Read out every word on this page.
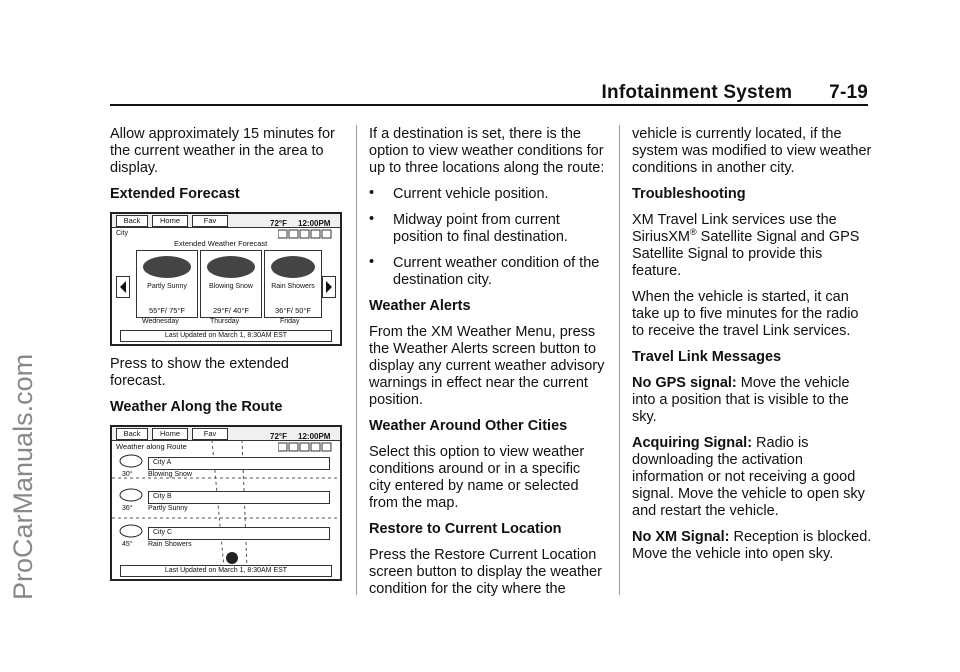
ProCarManuals.com
Infotainment System 7-19

Allow approximately 15 minutes for the current weather in the area to display.

Extended Forecast

Back	Home	Fav	72°F 12:00PM
City
Extended Weather Forecast
Partly Sunny
55°F/ 75°F
Blowing Snow
29°F/ 40°F
Rain Showers
36°F/ 50°F
Wednesday	Thursday	Friday
Last Updated on March 1, 8:30AM EST

Press to show the extended forecast.

Weather Along the Route

Back	Home	Fav	72°F 12:00PM
Weather along Route
City A
Blowing Snow
30°
City B
Partly Sunny
36°
City C
Rain Showers
45°
Last Updated on March 1, 8:30AM EST

If a destination is set, there is the option to view weather conditions for up to three locations along the route:

• Current vehicle position.
• Midway point from current position to final destination.
• Current weather condition of the destination city.

Weather Alerts

From the XM Weather Menu, press the Weather Alerts screen button to display any current weather advisory warnings in effect near the current position.

Weather Around Other Cities

Select this option to view weather conditions around or in a specific city entered by name or selected from the map.

Restore to Current Location

Press the Restore Current Location screen button to display the weather condition for the city where the

vehicle is currently located, if the system was modified to view weather conditions in another city.

Troubleshooting

XM Travel Link services use the SiriusXM® Satellite Signal and GPS Satellite Signal to provide this feature.

When the vehicle is started, it can take up to five minutes for the radio to receive the travel Link services.

Travel Link Messages

No GPS signal: Move the vehicle into a position that is visible to the sky.

Acquiring Signal: Radio is downloading the activation information or not receiving a good signal. Move the vehicle to open sky and restart the vehicle.

No XM Signal: Reception is blocked. Move the vehicle into open sky.
